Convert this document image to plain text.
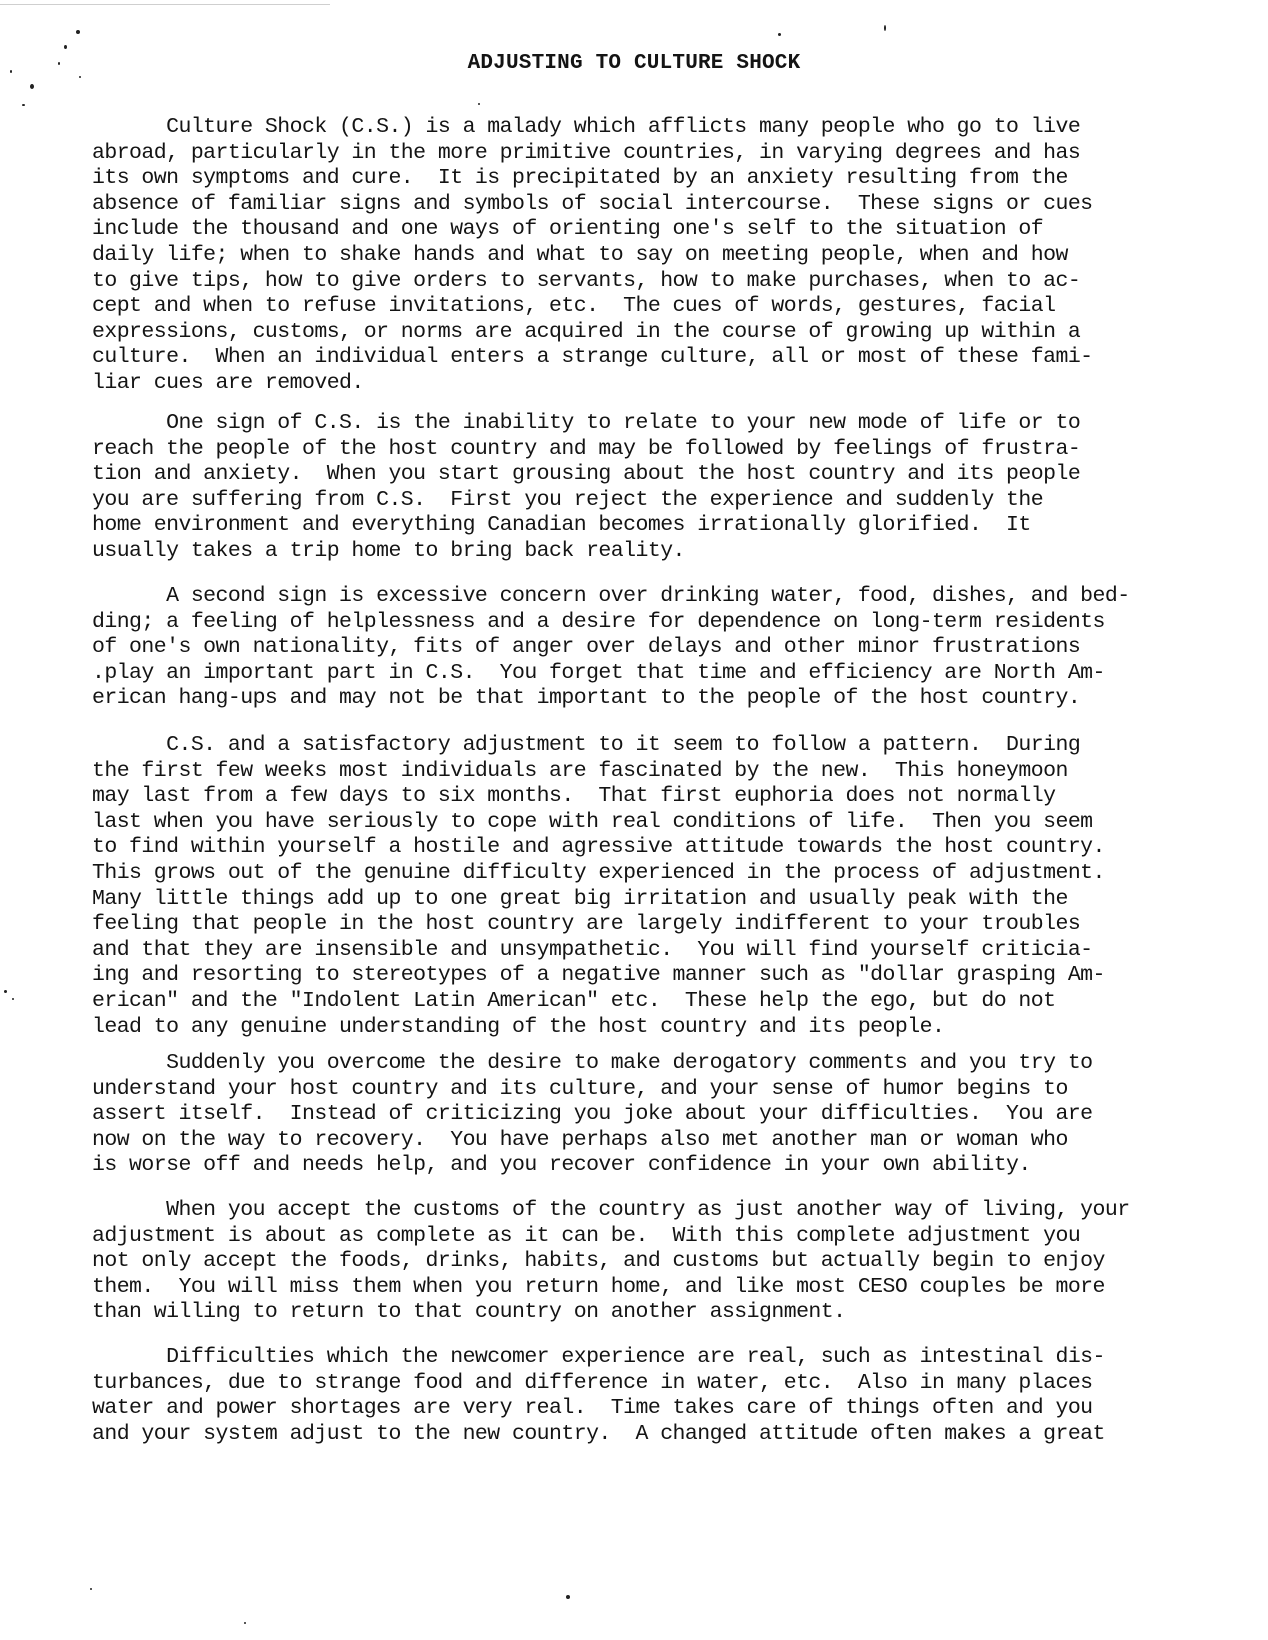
ADJUSTING TO CULTURE SHOCK
Culture Shock (C.S.) is a malady which afflicts many people who go to live
abroad, particularly in the more primitive countries, in varying degrees and has
its own symptoms and cure.  It is precipitated by an anxiety resulting from the
absence of familiar signs and symbols of social intercourse.  These signs or cues
include the thousand and one ways of orienting one's self to the situation of
daily life; when to shake hands and what to say on meeting people, when and how
to give tips, how to give orders to servants, how to make purchases, when to ac-
cept and when to refuse invitations, etc.  The cues of words, gestures, facial
expressions, customs, or norms are acquired in the course of growing up within a
culture.  When an individual enters a strange culture, all or most of these fami-
liar cues are removed.
One sign of C.S. is the inability to relate to your new mode of life or to
reach the people of the host country and may be followed by feelings of frustra-
tion and anxiety.  When you start grousing about the host country and its people
you are suffering from C.S.  First you reject the experience and suddenly the
home environment and everything Canadian becomes irrationally glorified.  It
usually takes a trip home to bring back reality.
A second sign is excessive concern over drinking water, food, dishes, and bed-
ding; a feeling of helplessness and a desire for dependence on long-term residents
of one's own nationality, fits of anger over delays and other minor frustrations
.play an important part in C.S.  You forget that time and efficiency are North Am-
erican hang-ups and may not be that important to the people of the host country.
C.S. and a satisfactory adjustment to it seem to follow a pattern.  During
the first few weeks most individuals are fascinated by the new.  This honeymoon
may last from a few days to six months.  That first euphoria does not normally
last when you have seriously to cope with real conditions of life.  Then you seem
to find within yourself a hostile and agressive attitude towards the host country.
This grows out of the genuine difficulty experienced in the process of adjustment.
Many little things add up to one great big irritation and usually peak with the
feeling that people in the host country are largely indifferent to your troubles
and that they are insensible and unsympathetic.  You will find yourself criticia-
ing and resorting to stereotypes of a negative manner such as "dollar grasping Am-
erican" and the "Indolent Latin American" etc.  These help the ego, but do not
lead to any genuine understanding of the host country and its people.
Suddenly you overcome the desire to make derogatory comments and you try to
understand your host country and its culture, and your sense of humor begins to
assert itself.  Instead of criticizing you joke about your difficulties.  You are
now on the way to recovery.  You have perhaps also met another man or woman who
is worse off and needs help, and you recover confidence in your own ability.
When you accept the customs of the country as just another way of living, your
adjustment is about as complete as it can be.  With this complete adjustment you
not only accept the foods, drinks, habits, and customs but actually begin to enjoy
them.  You will miss them when you return home, and like most CESO couples be more
than willing to return to that country on another assignment.
Difficulties which the newcomer experience are real, such as intestinal dis-
turbances, due to strange food and difference in water, etc.  Also in many places
water and power shortages are very real.  Time takes care of things often and you
and your system adjust to the new country.  A changed attitude often makes a great
